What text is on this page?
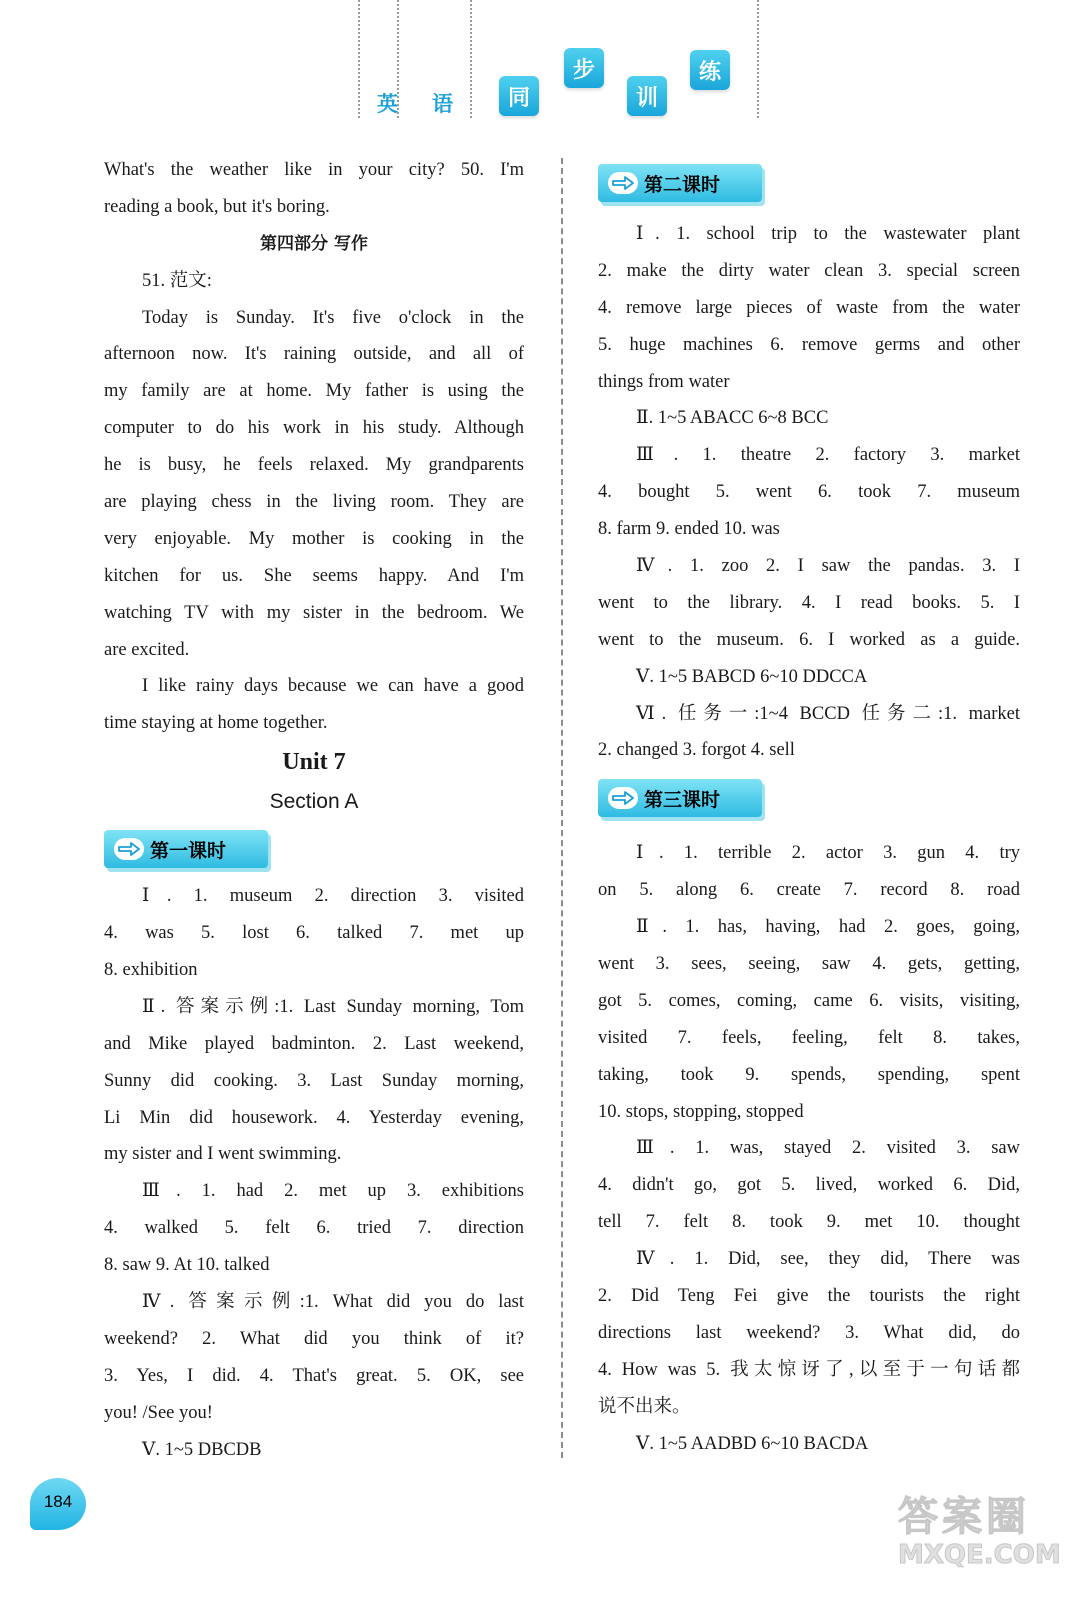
英 语	同
步
训
练
What's the weather like in your city? 50. I'm
reading a book, but it's boring.
第四部分 写作
51. 范文:
Today is Sunday. It's five o'clock in the
afternoon now. It's raining outside, and all of
my family are at home. My father is using the
computer to do his work in his study. Although
he is busy, he feels relaxed. My grandparents
are playing chess in the living room. They are
very enjoyable. My mother is cooking in the
kitchen for us. She seems happy. And I'm
watching TV with my sister in the bedroom. We
are excited.
I like rainy days because we can have a good
time staying at home together.
Unit 7
Section A
第一课时
Ⅰ. 1. museum 2. direction 3. visited
4. was 5. lost 6. talked 7. met up
8. exhibition
Ⅱ. 答案示例:1. Last Sunday morning, Tom
and Mike played badminton. 2. Last weekend,
Sunny did cooking. 3. Last Sunday morning,
Li Min did housework. 4. Yesterday evening,
my sister and I went swimming.
Ⅲ. 1. had 2. met up 3. exhibitions
4. walked 5. felt 6. tried 7. direction
8. saw 9. At 10. talked
Ⅳ. 答案示例:1. What did you do last
weekend? 2. What did you think of it?
3. Yes, I did. 4. That's great. 5. OK, see
you! /See you!
Ⅴ. 1~5 DBCDB
第二课时
Ⅰ. 1. school trip to the wastewater plant
2. make the dirty water clean 3. special screen
4. remove large pieces of waste from the water
5. huge machines 6. remove germs and other
things from water
Ⅱ. 1~5 ABACC 6~8 BCC
Ⅲ. 1. theatre 2. factory 3. market
4. bought 5. went 6. took 7. museum
8. farm 9. ended 10. was
Ⅳ. 1. zoo 2. I saw the pandas. 3. I
went to the library. 4. I read books. 5. I
went to the museum. 6. I worked as a guide.
Ⅴ. 1~5 BABCD 6~10 DDCCA
Ⅵ. 任务一:1~4 BCCD 任务二:1. market
2. changed 3. forgot 4. sell
第三课时
Ⅰ. 1. terrible 2. actor 3. gun 4. try
on 5. along 6. create 7. record 8. road
Ⅱ. 1. has, having, had 2. goes, going,
went 3. sees, seeing, saw 4. gets, getting,
got 5. comes, coming, came 6. visits, visiting,
visited 7. feels, feeling, felt 8. takes,
taking, took 9. spends, spending, spent
10. stops, stopping, stopped
Ⅲ. 1. was, stayed 2. visited 3. saw
4. didn't go, got 5. lived, worked 6. Did,
tell 7. felt 8. took 9. met 10. thought
Ⅳ. 1. Did, see, they did, There was
2. Did Teng Fei give the tourists the right
directions last weekend? 3. What did, do
4. How was 5. 我太惊讶了,以至于一句话都
说不出来。
Ⅴ. 1~5 AADBD 6~10 BACDA
184	答案圈
MXQE.COM
